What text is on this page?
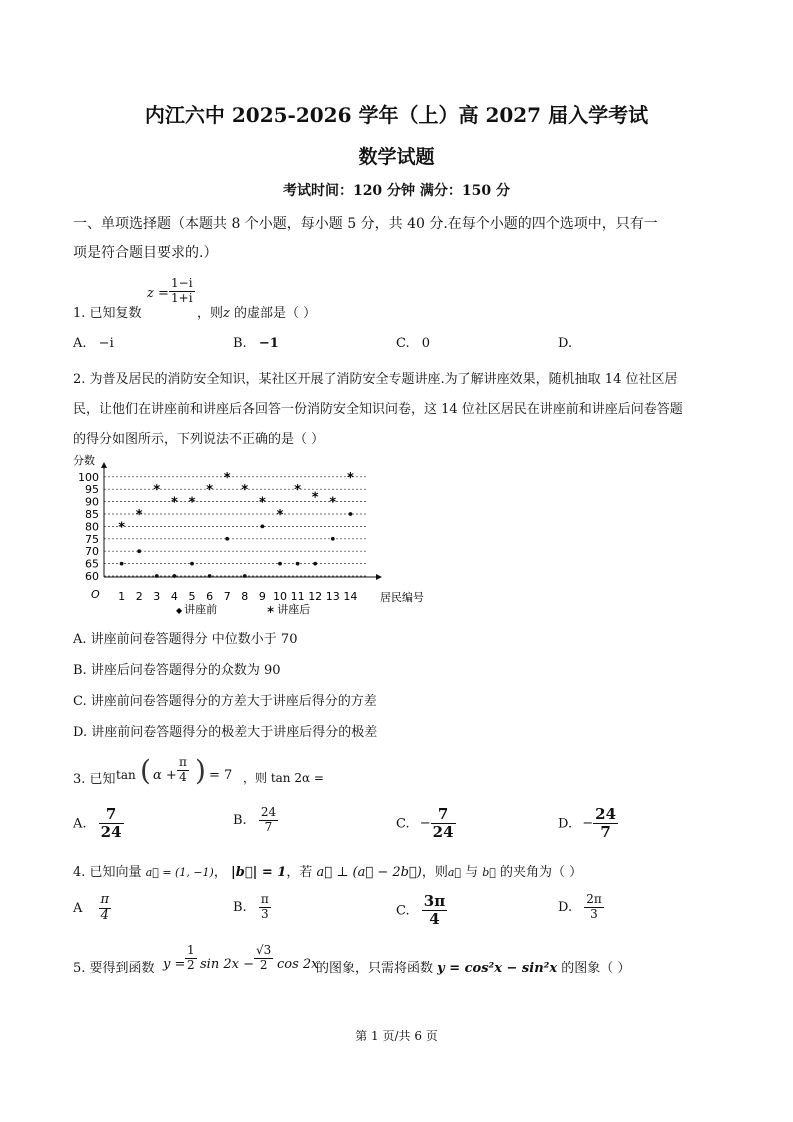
内江六中 2025-2026 学年（上）高 2027 届入学考试
数学试题
考试时间：120 分钟 满分：150 分
一、单项选择题（本题共 8 个小题，每小题 5 分，共 40 分.在每个小题的四个选项中，只有一
项是符合题目要求的.）
1. 已知复数
$z = \frac{1-i}{1+i}$
，则z 的虚部是（ ）
A. −i	B. −1	C. 0	D.
2. 为普及居民的消防安全知识，某社区开展了消防安全专题讲座.为了解讲座效果，随机抽取 14 位社区居
民，让他们在讲座前和讲座后各回答一份消防安全知识问卷，这 14 位社区居民在讲座前和讲座后问卷答题
的得分如图所示，下列说法不正确的是（ ）
分数
居民编号
O
60
65
70
75
80
85
90
95
100
1 2 3 4 5 6 7 8 9 10 11 12 13 14
*
*
*
* *
*
*
*
*
*
* * *
*
◆ 讲座前	∗ 讲座后
A. 讲座前问卷答题得分 中位数小于 70
B. 讲座后问卷答题得分的众数为 90
C. 讲座前问卷答题得分的方差大于讲座后得分的方差
D. 讲座前问卷答题得分的极差大于讲座后得分的极差
3. 已知 tan ( $\alpha + \frac{\pi}{4}$ ) = 7 ，则 tan 2α =
A. $\frac{7}{24}$	B. $\frac{24}{7}$	C. − $\frac{7}{24}$	D. − $\frac{24}{7}$
4. 已知向量 a⃗ = (1, −1)， |b⃗| = 1，若 a⃗ ⊥ (a⃗ − 2b⃗)，则a⃗ 与 b⃗ 的夹角为（ ）
A $\frac{\pi}{4}$	B. $\frac{\pi}{3}$	C. $\frac{3\pi}{4}$	D. $\frac{2\pi}{3}$
5. 要得到函数 $y = \frac{1}{2}$ $\sin 2x - \frac{√3}{2}$ cos 2x
的图象，只需将函数 y = cos²x − sin²x 的图象（ ）
第 1 页/共 6 页
